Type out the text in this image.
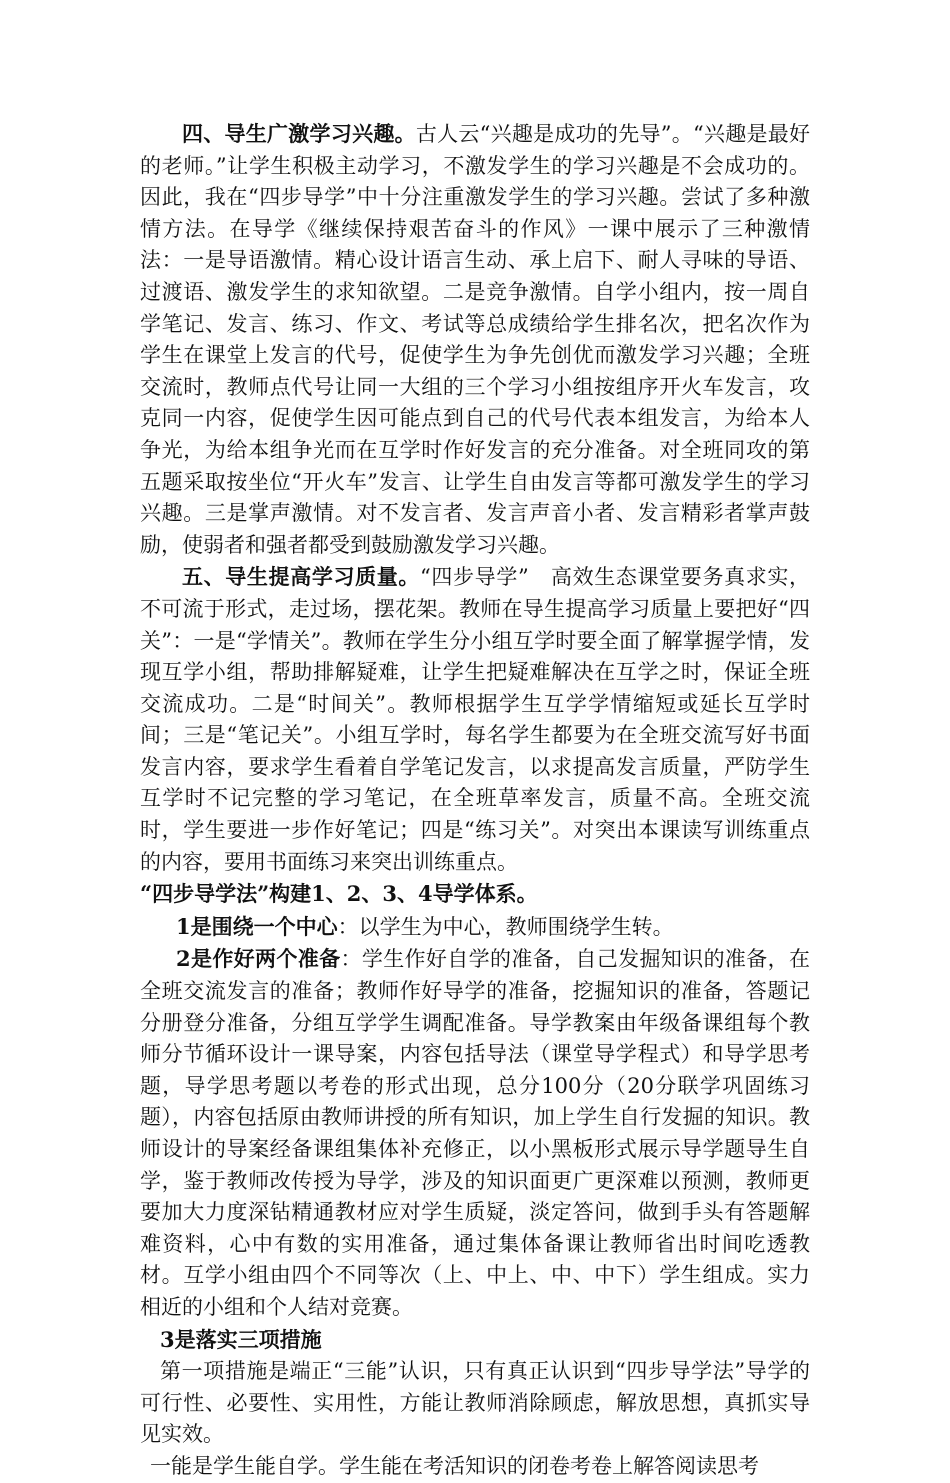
四、导生广激学习兴趣。古人云“兴趣是成功的先导”。“兴趣是最好的老师。”让学生积极主动学习，不激发学生的学习兴趣是不会成功的。因此，我在“四步导学”中十分注重激发学生的学习兴趣。尝试了多种激情方法。在导学《继续保持艰苦奋斗的作风》一课中展示了三种激情法：一是导语激情。精心设计语言生动、承上启下、耐人寻味的导语、过渡语、激发学生的求知欲望。二是竞争激情。自学小组内，按一周自学笔记、发言、练习、作文、考试等总成绩给学生排名次，把名次作为学生在课堂上发言的代号，促使学生为争先创优而激发学习兴趣；全班交流时，教师点代号让同一大组的三个学习小组按组序开火车发言，攻克同一内容，促使学生因可能点到自己的代号代表本组发言，为给本人争光，为给本组争光而在互学时作好发言的充分准备。对全班同攻的第五题采取按坐位“开火车”发言、让学生自由发言等都可激发学生的学习兴趣。三是掌声激情。对不发言者、发言声音小者、发言精彩者掌声鼓励，使弱者和强者都受到鼓励激发学习兴趣。

五、导生提高学习质量。“四步导学”　高效生态课堂要务真求实，不可流于形式，走过场，摆花架。教师在导生提高学习质量上要把好“四关”：一是“学情关”。教师在学生分小组互学时要全面了解掌握学情，发现互学小组，帮助排解疑难，让学生把疑难解决在互学之时，保证全班交流成功。二是“时间关”。教师根据学生互学学情缩短或延长互学时间；三是“笔记关”。小组互学时，每名学生都要为在全班交流写好书面发言内容，要求学生看着自学笔记发言，以求提高发言质量，严防学生互学时不记完整的学习笔记，在全班草率发言，质量不高。全班交流时，学生要进一步作好笔记；四是“练习关”。对突出本课读写训练重点的内容，要用书面练习来突出训练重点。

“四步导学法”构建1、2、3、4导学体系。

1是围绕一个中心：以学生为中心，教师围绕学生转。

2是作好两个准备：学生作好自学的准备，自己发掘知识的准备，在全班交流发言的准备；教师作好导学的准备，挖掘知识的准备，答题记分册登分准备，分组互学学生调配准备。导学教案由年级备课组每个教师分节循环设计一课导案，内容包括导法（课堂导学程式）和导学思考题，导学思考题以考卷的形式出现，总分100分（20分联学巩固练习题），内容包括原由教师讲授的所有知识，加上学生自行发掘的知识。教师设计的导案经备课组集体补充修正，以小黑板形式展示导学题导生自学，鉴于教师改传授为导学，涉及的知识面更广更深难以预测，教师更要加大力度深钻精通教材应对学生质疑，淡定答问，做到手头有答题解难资料，心中有数的实用准备，通过集体备课让教师省出时间吃透教材。互学小组由四个不同等次（上、中上、中、中下）学生组成。实力相近的小组和个人结对竞赛。

3是落实三项措施

第一项措施是端正“三能”认识，只有真正认识到“四步导学法”导学的可行性、必要性、实用性，方能让教师消除顾虑，解放思想，真抓实导见实效。

一能是学生能自学。学生能在考活知识的闭卷考卷上解答阅读思考
